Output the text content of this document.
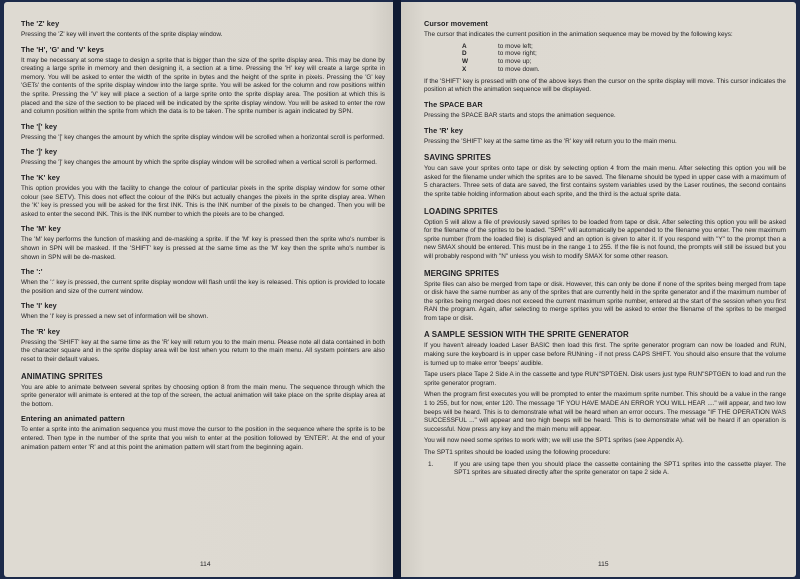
The 'Z' key

Pressing the 'Z' key will invert the contents of the sprite display window.

The 'H', 'G' and 'V' keys

It may be necessary at some stage to design a sprite that is bigger than the size of the sprite display area. This may be done by creating a large sprite in memory and then designing it, a section at a time. Pressing the 'H' key will create a large sprite in memory. You will be asked to enter the width of the sprite in bytes and the height of the sprite in pixels. Pressing the 'G' key 'GETs' the contents of the sprite display window into the large sprite. You will be asked for the column and row positions within the sprite. Pressing the 'V' key will place a section of a large sprite onto the sprite display area. The position at which this is placed and the size of the section to be placed will be indicated by the sprite display window. You will be asked to enter the row and column position within the sprite from which the data is to be taken. The sprite number is again indicated by SPN.

The '[' key

Pressing the '[' key changes the amount by which the sprite display window will be scrolled when a horizontal scroll is performed.

The ']' key

Pressing the ']' key changes the amount by which the sprite display window will be scrolled when a vertical scroll is performed.

The 'K' key

This option provides you with the facility to change the colour of particular pixels in the sprite display window for some other colour (see SETV). This does not effect the colour of the INKs but actually changes the pixels in the sprite display area. When the 'K' key is pressed you will be asked for the first INK. This is the INK number of the pixels to be changed. Then you will be asked to enter the second INK. This is the INK number to which the pixels are to be changed.

The 'M' key

The 'M' key performs the function of masking and de-masking a sprite. If the 'M' key is pressed then the sprite who's number is shown in SPN will be masked. If the 'SHIFT' key is pressed at the same time as the 'M' key then the sprite who's number is shown in SPN will be de-masked.

The ':'

When the ':' key is pressed, the current sprite display wondow will flash until the key is released. This option is provided to locate the position and size of the current window.

The 'I' key

When the 'I' key is pressed a new set of information will be shown.

The 'R' key

Pressing the 'SHIFT' key at the same time as the 'R' key will return you to the main menu. Please note all data contained in both the character square and in the sprite display area will be lost when you return to the main menu. All system pointers are also reset to their default values.

ANIMATING SPRITES

You are able to animate between several sprites by choosing option 8 from the main menu. The sequence through which the sprite generator will animate is entered at the top of the screen, the actual animation will take place on the sprite display area at the bottom.

Entering an animated pattern

To enter a sprite into the animation sequence you must move the cursor to the position in the sequence where the sprite is to be entered. Then type in the number of the sprite that you wish to enter at the position followed by 'ENTER'. At the end of your animation pattern enter 'R' and at this point the animation pattern will start from the beginning again.

114
Cursor movement

The cursor that indicates the current position in the animation sequence may be moved by the following keys:

A	to move left;
D	to move right;
W	to move up;
X	to move down.

If the 'SHIFT' key is pressed with one of the above keys then the cursor on the sprite display will move. This cursor indicates the position at which the animation sequence will be displayed.

The SPACE BAR

Pressing the SPACE BAR starts and stops the animation sequence.

The 'R' key

Pressing the 'SHIFT' key at the same time as the 'R' key will return you to the main menu.

SAVING SPRITES

You can save your sprites onto tape or disk by selecting option 4 from the main menu. After selecting this option you will be asked for the filename under which the sprites are to be saved. The filename should be typed in upper case with a maximum of 5 characters. Three sets of data are saved, the first contains system variables used by the Laser routines, the second contains the sprite table holding information about each sprite, and the third is the actual sprite data.

LOADING SPRITES

Option 5 will allow a file of previously saved sprites to be loaded from tape or disk. After selecting this option you will be asked for the filename of the sprites to be loaded. "SPR" will automatically be appended to the filename you enter. The new maximum sprite number (from the loaded file) is displayed and an option is given to alter it. If you respond with "Y" to the prompt then a new SMAX should be entered. This must be in the range 1 to 255. If the file is not found, the prompts will still be issued but you will probably respond with "N" unless you wish to modify SMAX for some other reason.

MERGING SPRITES

Sprite files can also be merged from tape or disk. However, this can only be done if none of the sprites being merged from tape or disk have the same number as any of the sprites that are currently held in the sprite generator and if the maximum number of the sprites being merged does not exceed the current maximum sprite number, entered at the start of the session when you first RAN the program. Again, after selecting to merge sprites you will be asked to enter the filename of the sprites to be merged from tape or disk.

A SAMPLE SESSION WITH THE SPRITE GENERATOR

If you haven't already loaded Laser BASIC then load this first. The sprite generator program can now be loaded and RUN, making sure the keyboard is in upper case before RUNning - if not press CAPS SHIFT. You should also ensure that the volume is turned up to make error 'beeps' audible.

Tape users place Tape 2 Side A in the cassette and type RUN"SPTGEN. Disk users just type RUN"SPTGEN to load and run the sprite generator program.

When the program first executes you will be prompted to enter the maximum sprite number. This should be a value in the range 1 to 255, but for now, enter 120. The message "IF YOU HAVE MADE AN ERROR YOU WILL HEAR ...." will appear, and two low beeps will be heard. This is to demonstrate what will be heard when an error occurs. The message "IF THE OPERATION WAS SUCCESSFUL ..." will appear and two high beeps will be heard. This is to demonstrate what will be heard if an operation is successful. Now press any key and the main menu will appear.

You will now need some sprites to work with; we will use the SPT1 sprites (see Appendix A).

The SPT1 sprites should be loaded using the following procedure:

1.	If you are using tape then you should place the cassette containing the SPT1 sprites into the cassette player. The SPT1 sprites are situated directly after the sprite generator on tape 2 side A.

115
